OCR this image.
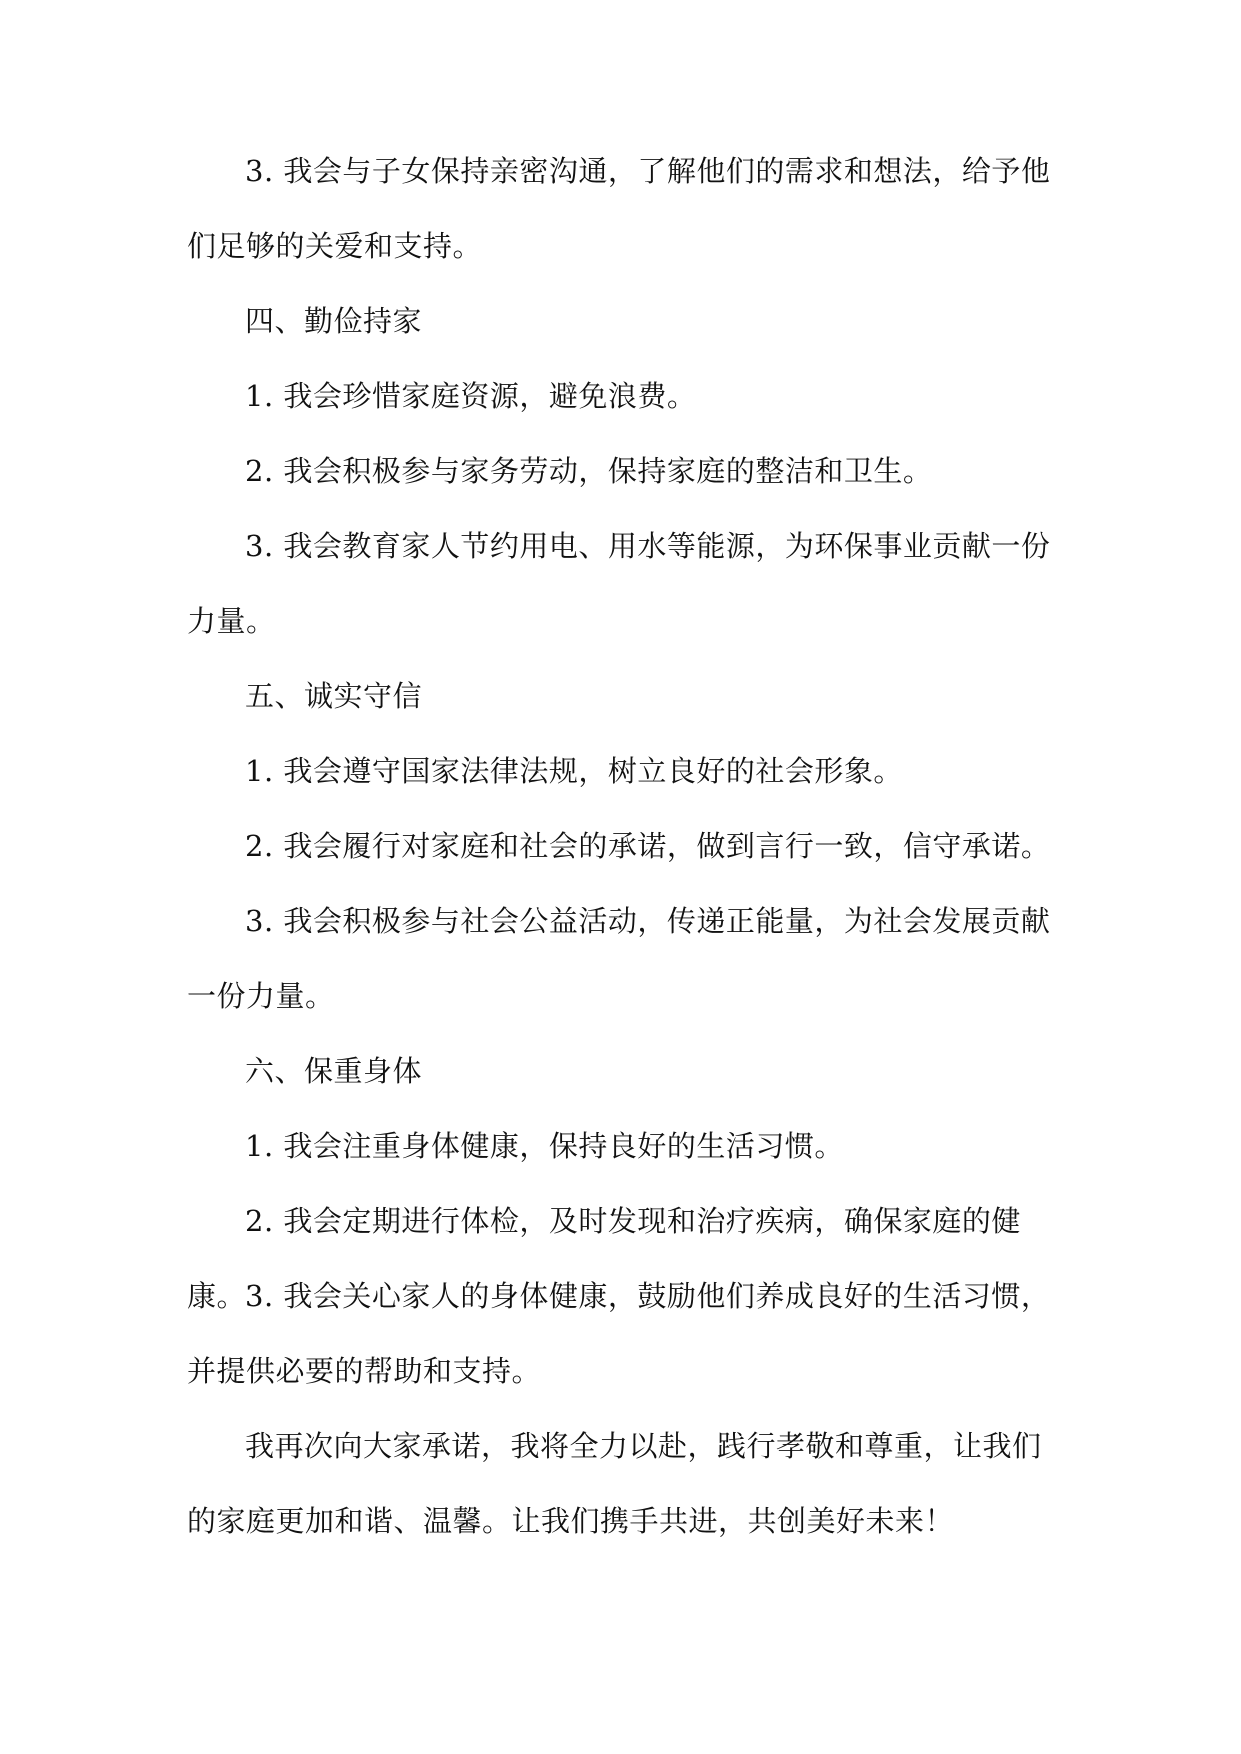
3. 我会与子女保持亲密沟通，了解他们的需求和想法，给予他们足够的关爱和支持。

四、勤俭持家

1. 我会珍惜家庭资源，避免浪费。

2. 我会积极参与家务劳动，保持家庭的整洁和卫生。

3. 我会教育家人节约用电、用水等能源，为环保事业贡献一份力量。

五、诚实守信

1. 我会遵守国家法律法规，树立良好的社会形象。

2. 我会履行对家庭和社会的承诺，做到言行一致，信守承诺。

3. 我会积极参与社会公益活动，传递正能量，为社会发展贡献一份力量。

六、保重身体

1. 我会注重身体健康，保持良好的生活习惯。

2. 我会定期进行体检，及时发现和治疗疾病，确保家庭的健康。

3. 我会关心家人的身体健康，鼓励他们养成良好的生活习惯，并提供必要的帮助和支持。

我再次向大家承诺，我将全力以赴，践行孝敬和尊重，让我们的家庭更加和谐、温馨。让我们携手共进，共创美好未来！
